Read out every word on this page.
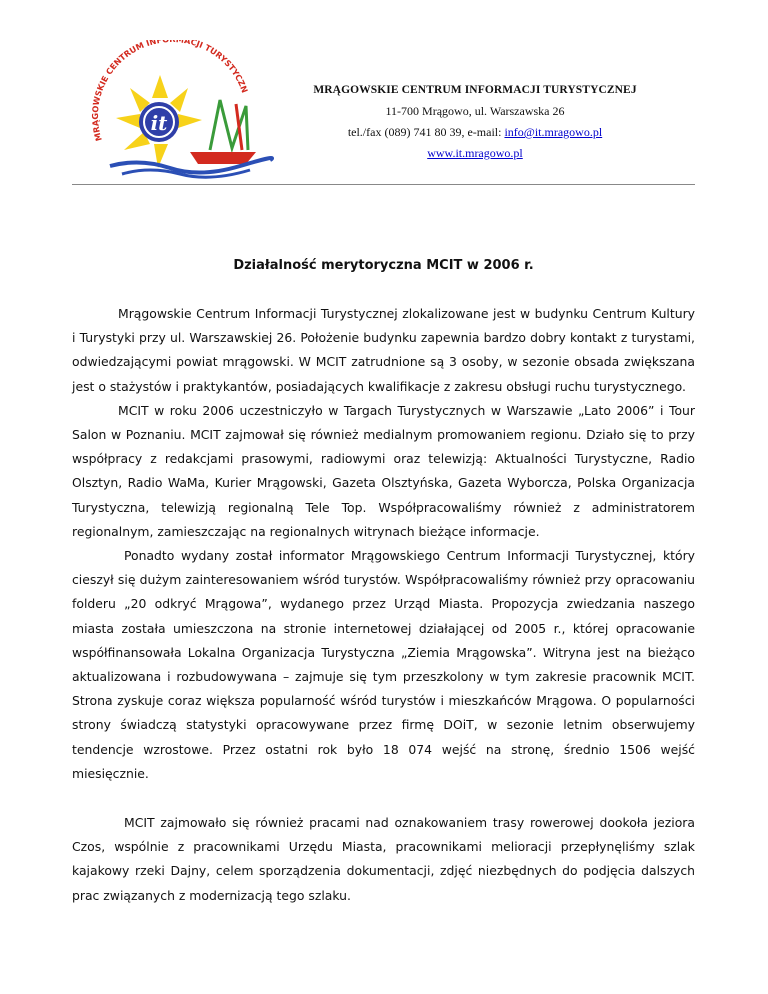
MRĄGOWSKIE CENTRUM INF ACJI TURYSTYCZN
it
MRĄGOWSKIE CENTRUM INFORMACJI TURYSTYCZNEJ
11-700 Mrągowo, ul. Warszawska 26
tel./fax (089) 741 80 39, e-mail: info@it.mragowo.pl
www.it.mragowo.pl
Działalność merytoryczna MCIT w 2006 r.

Mrągowskie Centrum Informacji Turystycznej zlokalizowane jest w budynku Centrum Kultury i Turystyki przy ul. Warszawskiej 26. Położenie budynku zapewnia bardzo dobry kontakt z turystami, odwiedzającymi powiat mrągowski. W MCIT zatrudnione są 3 osoby, w sezonie obsada zwiększana jest o stażystów i praktykantów, posiadających kwalifikacje z zakresu obsługi ruchu turystycznego.

MCIT w roku 2006 uczestniczyło w Targach Turystycznych w Warszawie „Lato 2006” i Tour Salon w Poznaniu. MCIT zajmował się również medialnym promowaniem regionu. Działo się to przy współpracy z redakcjami prasowymi, radiowymi oraz telewizją: Aktualności Turystyczne, Radio Olsztyn, Radio WaMa, Kurier Mrągowski, Gazeta Olsztyńska, Gazeta Wyborcza, Polska Organizacja Turystyczna, telewizją regionalną Tele Top. Współpracowaliśmy również z administratorem regionalnym, zamieszczając na regionalnych witrynach bieżące informacje.

Ponadto wydany został informator Mrągowskiego Centrum Informacji Turystycznej, który cieszył się dużym zainteresowaniem wśród turystów. Współpracowaliśmy również przy opracowaniu folderu „20 odkryć Mrągowa”, wydanego przez Urząd Miasta. Propozycja zwiedzania naszego miasta została umieszczona na stronie internetowej działającej od 2005 r., której opracowanie współfinansowała Lokalna Organizacja Turystyczna „Ziemia Mrągowska”. Witryna jest na bieżąco aktualizowana i rozbudowywana – zajmuje się tym przeszkolony w tym zakresie pracownik MCIT. Strona zyskuje coraz większa popularność wśród turystów i mieszkańców Mrągowa. O popularności strony świadczą statystyki opracowywane przez firmę DOiT, w sezonie letnim obserwujemy tendencje wzrostowe. Przez ostatni rok było 18 074 wejść na stronę, średnio 1506 wejść miesięcznie.

MCIT zajmowało się również pracami nad oznakowaniem trasy rowerowej dookoła jeziora Czos, wspólnie z pracownikami Urzędu Miasta, pracownikami melioracji przepłynęliśmy szlak kajakowy rzeki Dajny, celem sporządzenia dokumentacji, zdjęć niezbędnych do podjęcia dalszych prac związanych z modernizacją tego szlaku.
